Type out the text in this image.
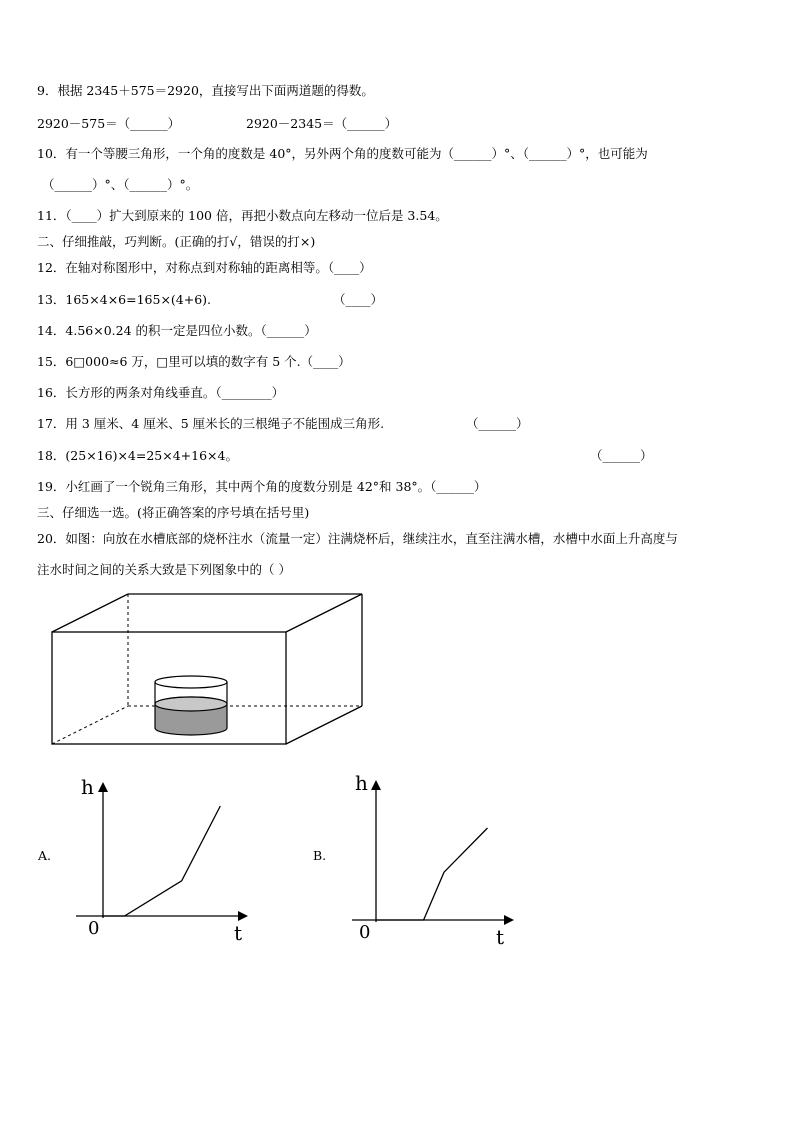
9．根据 2345＋575＝2920，直接写出下面两道题的得数。
2920－575＝（______）	2920－2345＝（______）
10．有一个等腰三角形，一个角的度数是 40°，另外两个角的度数可能为（______）°、（______）°，也可能为
（______）°、（______）°。
11．（____）扩大到原来的 100 倍，再把小数点向左移动一位后是 3.54。
二、仔细推敲，巧判断。(正确的打√，错误的打×)
12．在轴对称图形中，对称点到对称轴的距离相等。（____）
13．165×4×6=165×(4+6).	（____）
14．4.56×0.24 的积一定是四位小数。（______）
15．6□000≈6 万，□里可以填的数字有 5 个.（____）
16．长方形的两条对角线垂直。（________）
17．用 3 厘米、4 厘米、5 厘米长的三根绳子不能围成三角形.	（______）
18．(25×16)×4=25×4+16×4。	（______）
19．小红画了一个锐角三角形，其中两个角的度数分别是 42°和 38°。（______）
三、仔细选一选。(将正确答案的序号填在括号里)
20．如图：向放在水槽底部的烧杯注水（流量一定）注满烧杯后，继续注水，直至注满水槽，水槽中水面上升高度与
注水时间之间的关系大致是下列图象中的（ ）
A.
h
t
0
B.
h
t
0
